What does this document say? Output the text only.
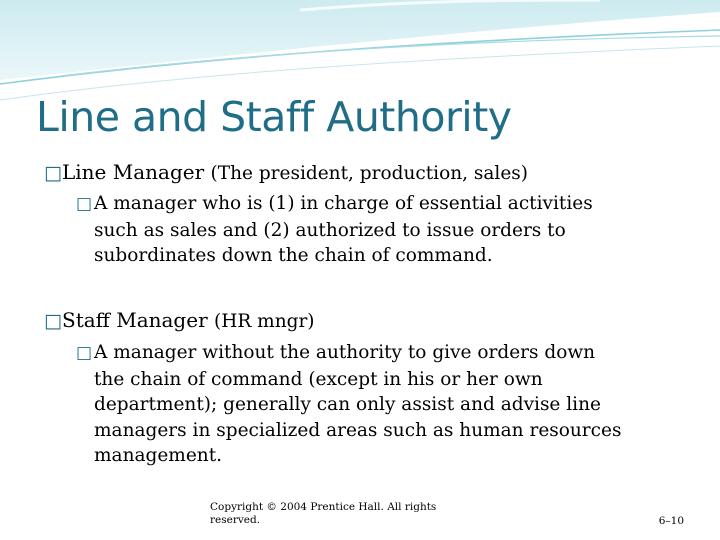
Line and Staff Authority

□Line Manager (The president, production, sales)

□ A manager who is (1) in charge of essential activities
such as sales and (2) authorized to issue orders to
subordinates down the chain of command.

□Staff Manager (HR mngr)

□ A manager without the authority to give orders down
the chain of command (except in his or her own
department); generally can only assist and advise line
managers in specialized areas such as human resources
management.

Copyright © 2004 Prentice Hall. All rights
reserved.	6–10
